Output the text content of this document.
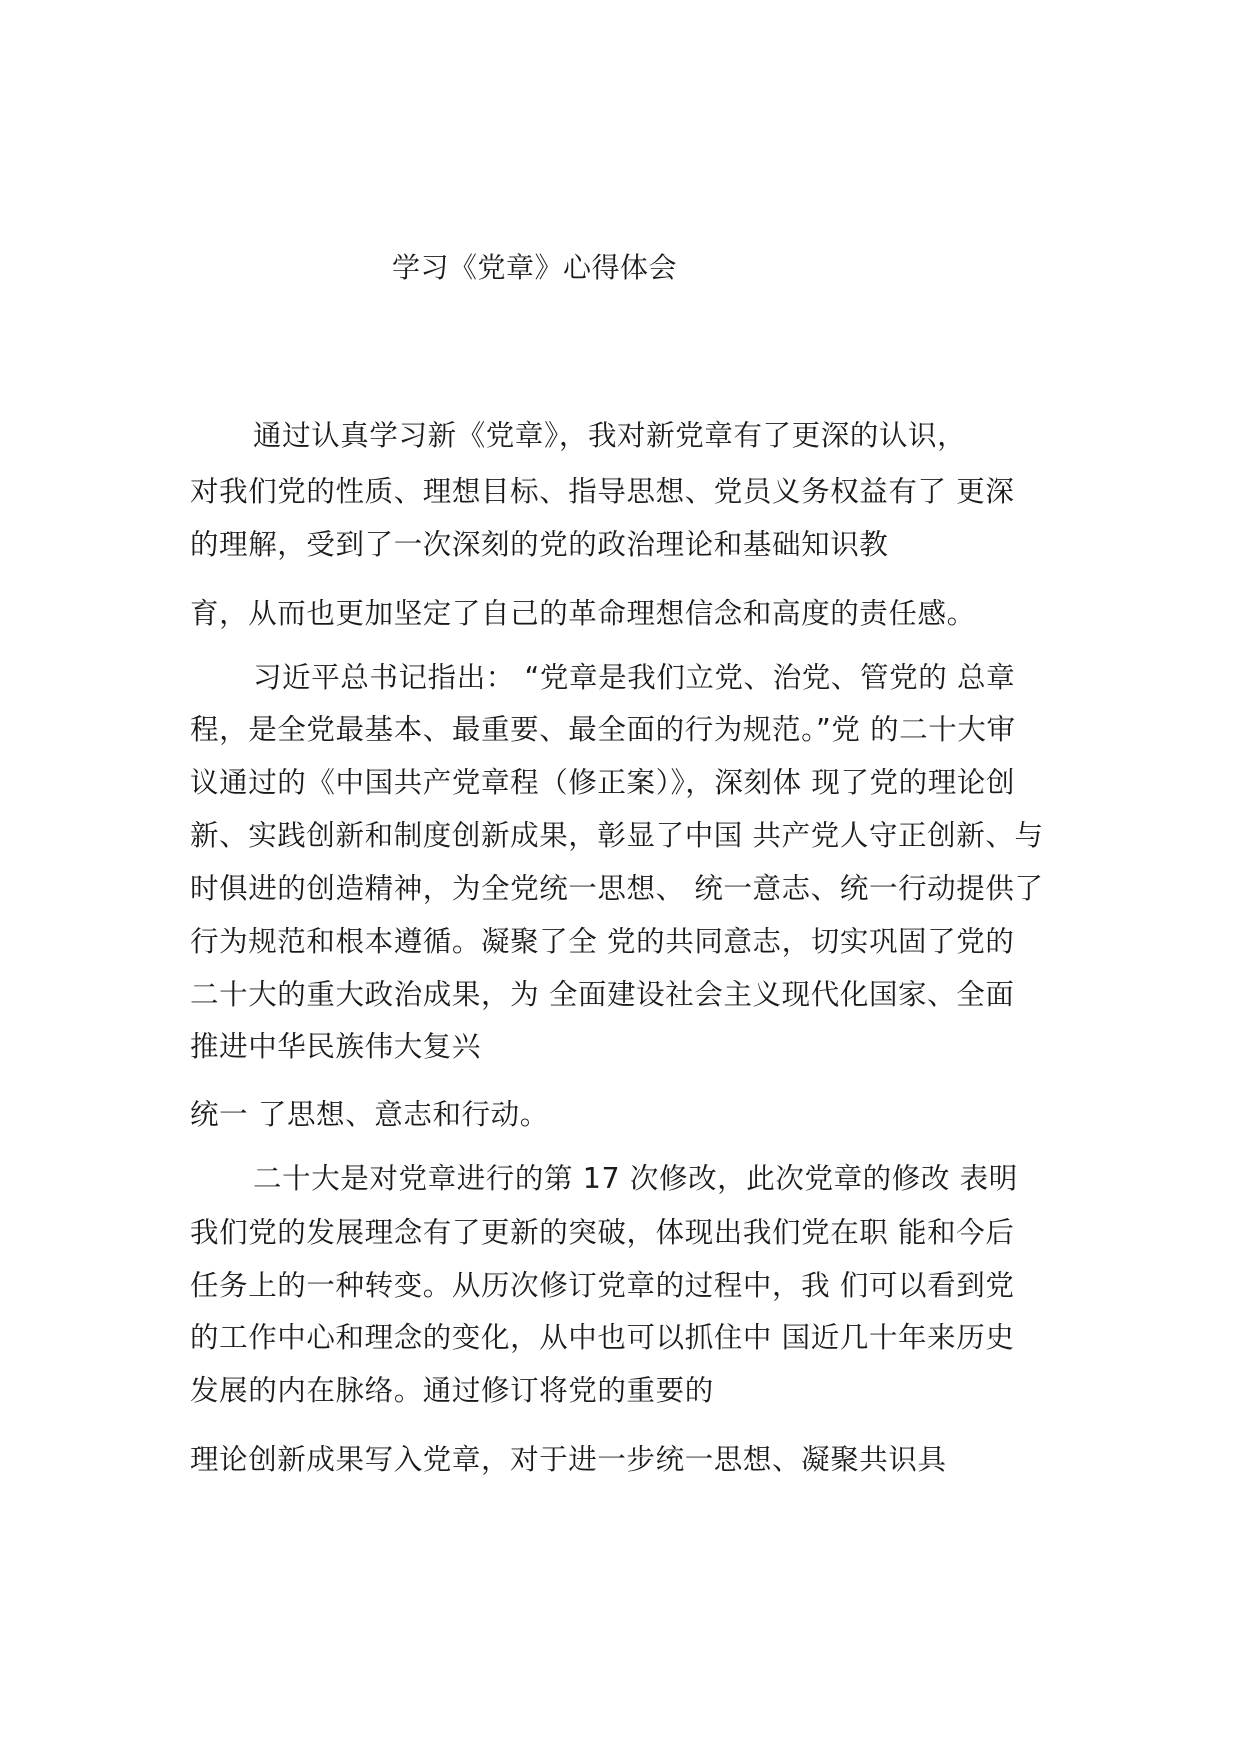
学习《党章》心得体会
通过认真学习新《党章》，我对新党章有了更深的认识，
对我们党的性质、理想目标、指导思想、党员义务权益有了 更深
的理解，受到了一次深刻的党的政治理论和基础知识教
育，从而也更加坚定了自己的革命理想信念和高度的责任感。
习近平总书记指出： “党章是我们立党、治党、管党的 总章
程，是全党最基本、最重要、最全面的行为规范。”党 的二十大审
议通过的《中国共产党章程（修正案）》，深刻体 现了党的理论创
新、实践创新和制度创新成果，彰显了中国 共产党人守正创新、与
时俱进的创造精神，为全党统一思想、 统一意志、统一行动提供了
行为规范和根本遵循。凝聚了全 党的共同意志，切实巩固了党的
二十大的重大政治成果，为 全面建设社会主义现代化国家、全面
推进中华民族伟大复兴
统一 了思想、意志和行动。
二十大是对党章进行的第 17 次修改，此次党章的修改 表明
我们党的发展理念有了更新的突破，体现出我们党在职 能和今后
任务上的一种转变。从历次修订党章的过程中，我 们可以看到党
的工作中心和理念的变化，从中也可以抓住中 国近几十年来历史
发展的内在脉络。通过修订将党的重要的
理论创新成果写入党章，对于进一步统一思想、凝聚共识具
